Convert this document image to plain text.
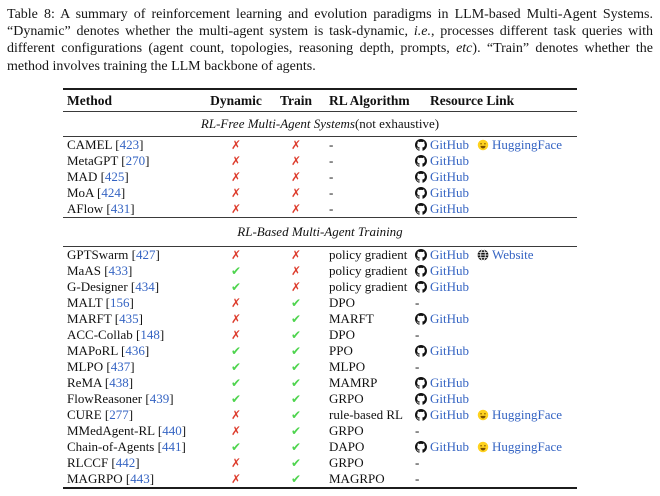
Table 8: A summary of reinforcement learning and evolution paradigms in LLM-based Multi-Agent Systems. “Dynamic” denotes whether the multi-agent system is task-dynamic, i.e., processes different task queries with different configurations (agent count, topologies, reasoning depth, prompts, etc). “Train” denotes whether the method involves training the LLM backbone of agents.
Method	Dynamic	Train	RL Algorithm	Resource Link
RL-Free Multi-Agent Systems (not exhaustive)
CAMEL [423]	✗	✗	-	GitHub HuggingFace
MetaGPT [270]	✗	✗	-	GitHub
MAD [425]	✗	✗	-	GitHub
MoA [424]	✗	✗	-	GitHub
AFlow [431]	✗	✗	-	GitHub
RL-Based Multi-Agent Training
GPTSwarm [427]	✗	✗	policy gradient	GitHub Website
MaAS [433]	✔	✗	policy gradient	GitHub
G-Designer [434]	✔	✗	policy gradient	GitHub
MALT [156]	✗	✔	DPO	-
MARFT [435]	✗	✔	MARFT	GitHub
ACC-Collab [148]	✗	✔	DPO	-
MAPoRL [436]	✔	✔	PPO	GitHub
MLPO [437]	✔	✔	MLPO	-
ReMA [438]	✔	✔	MAMRP	GitHub
FlowReasoner [439]	✔	✔	GRPO	GitHub
CURE [277]	✗	✔	rule-based RL	GitHub HuggingFace
MMedAgent-RL [440]	✗	✔	GRPO	-
Chain-of-Agents [441]	✔	✔	DAPO	GitHub HuggingFace
RLCCF [442]	✗	✔	GRPO	-
MAGRPO [443]	✗	✔	MAGRPO	-
